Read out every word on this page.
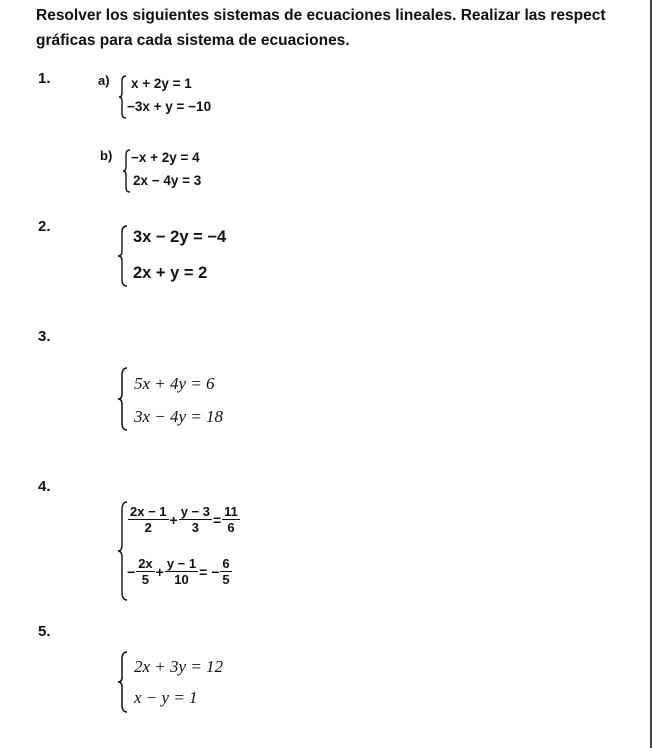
Resolver los siguientes sistemas de ecuaciones lineales. Realizar las respect
gráficas para cada sistema de ecuaciones.
1.	a) x + 2y = 1
−3x + y = −10
b) −x + 2y = 4
2x − 4y = 3
2.
3x − 2y = −4
2x + y = 2
3.
5x + 4y = 6
3x − 4y = 18
4.
$\frac{2x - 1}{2} + \frac{y - 3}{3} = \frac{11}{6}$
− $\frac{2x}{5} + \frac{y - 1}{10}$ = − $\frac{6}{5}$
5.
2x + 3y = 12
x − y = 1
